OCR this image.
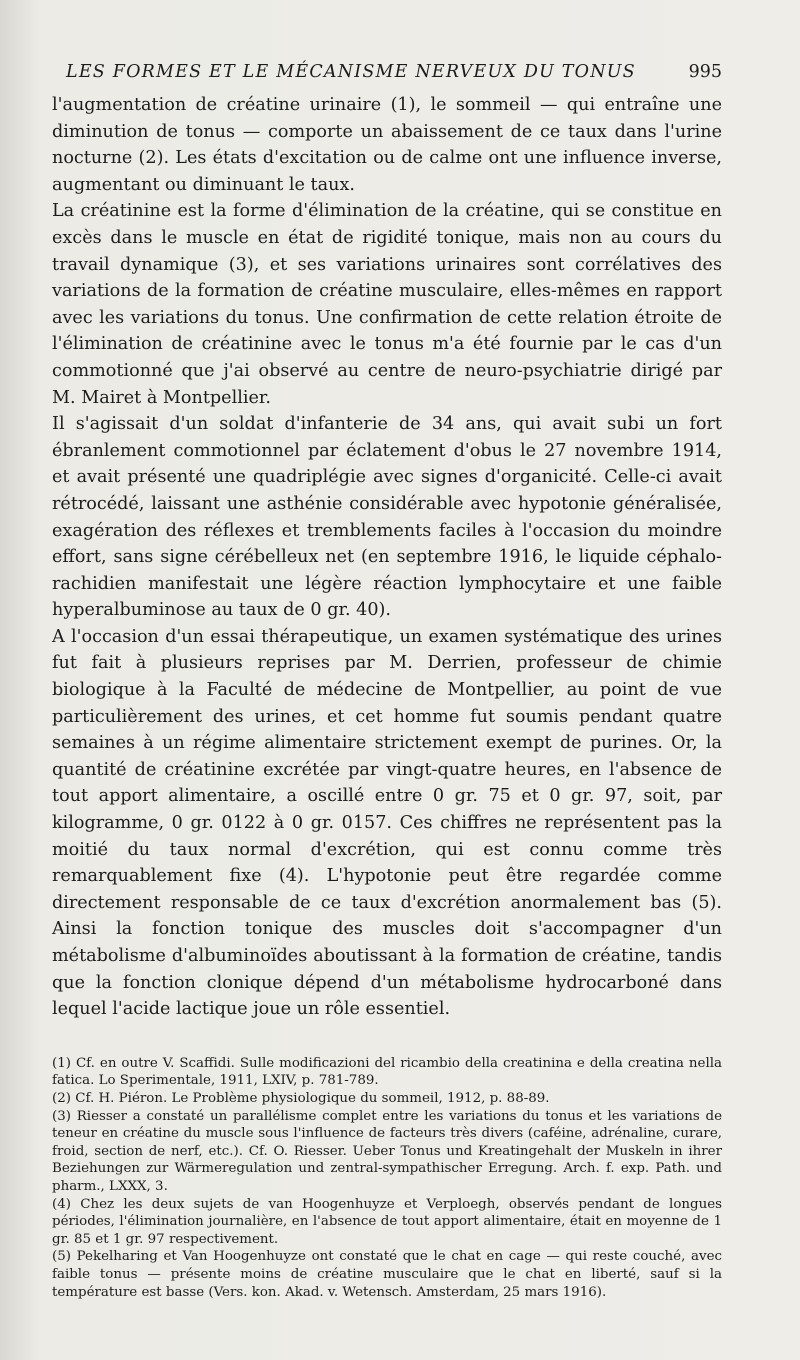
LES FORMES ET LE MÉCANISME NERVEUX DU TONUS	995

l'augmentation de créatine urinaire (1), le sommeil — qui entraîne une diminution de tonus — comporte un abaissement de ce taux dans l'urine nocturne (2). Les états d'excitation ou de calme ont une influence inverse, augmentant ou diminuant le taux.

La créatinine est la forme d'élimination de la créatine, qui se constitue en excès dans le muscle en état de rigidité tonique, mais non au cours du travail dynamique (3), et ses variations urinaires sont corrélatives des variations de la formation de créatine musculaire, elles-mêmes en rapport avec les variations du tonus. Une confirmation de cette relation étroite de l'élimination de créatinine avec le tonus m'a été fournie par le cas d'un commotionné que j'ai observé au centre de neuro-psychiatrie dirigé par M. Mairet à Montpellier.

Il s'agissait d'un soldat d'infanterie de 34 ans, qui avait subi un fort ébranlement commotionnel par éclatement d'obus le 27 novembre 1914, et avait présenté une quadriplégie avec signes d'organicité. Celle-ci avait rétrocédé, laissant une asthénie considérable avec hypotonie généralisée, exagération des réflexes et tremblements faciles à l'occasion du moindre effort, sans signe cérébelleux net (en septembre 1916, le liquide céphalo-rachidien manifestait une légère réaction lymphocytaire et une faible hyperalbuminose au taux de 0 gr. 40).

A l'occasion d'un essai thérapeutique, un examen systématique des urines fut fait à plusieurs reprises par M. Derrien, professeur de chimie biologique à la Faculté de médecine de Montpellier, au point de vue particulièrement des urines, et cet homme fut soumis pendant quatre semaines à un régime alimentaire strictement exempt de purines. Or, la quantité de créatinine excrétée par vingt-quatre heures, en l'absence de tout apport alimentaire, a oscillé entre 0 gr. 75 et 0 gr. 97, soit, par kilogramme, 0 gr. 0122 à 0 gr. 0157. Ces chiffres ne représentent pas la moitié du taux normal d'excrétion, qui est connu comme très remarquablement fixe (4). L'hypotonie peut être regardée comme directement responsable de ce taux d'excrétion anormalement bas (5). Ainsi la fonction tonique des muscles doit s'accompagner d'un métabolisme d'albuminoïdes aboutissant à la formation de créatine, tandis que la fonction clonique dépend d'un métabolisme hydrocarboné dans lequel l'acide lactique joue un rôle essentiel.

(1) Cf. en outre V. Scaffidi. Sulle modificazioni del ricambio della creatinina e della creatina nella fatica. Lo Sperimentale, 1911, LXIV, p. 781-789.

(2) Cf. H. Piéron. Le Problème physiologique du sommeil, 1912, p. 88-89.

(3) Riesser a constaté un parallélisme complet entre les variations du tonus et les variations de teneur en créatine du muscle sous l'influence de facteurs très divers (caféine, adrénaline, curare, froid, section de nerf, etc.). Cf. O. Riesser. Ueber Tonus und Kreatingehalt der Muskeln in ihrer Beziehungen zur Wärmeregulation und zentral-sympathischer Erregung. Arch. f. exp. Path. und pharm., LXXX, 3.

(4) Chez les deux sujets de van Hoogenhuyze et Verploegh, observés pendant de longues périodes, l'élimination journalière, en l'absence de tout apport alimentaire, était en moyenne de 1 gr. 85 et 1 gr. 97 respectivement.

(5) Pekelharing et Van Hoogenhuyze ont constaté que le chat en cage — qui reste couché, avec faible tonus — présente moins de créatine musculaire que le chat en liberté, sauf si la température est basse (Vers. kon. Akad. v. Wetensch. Amsterdam, 25 mars 1916).
